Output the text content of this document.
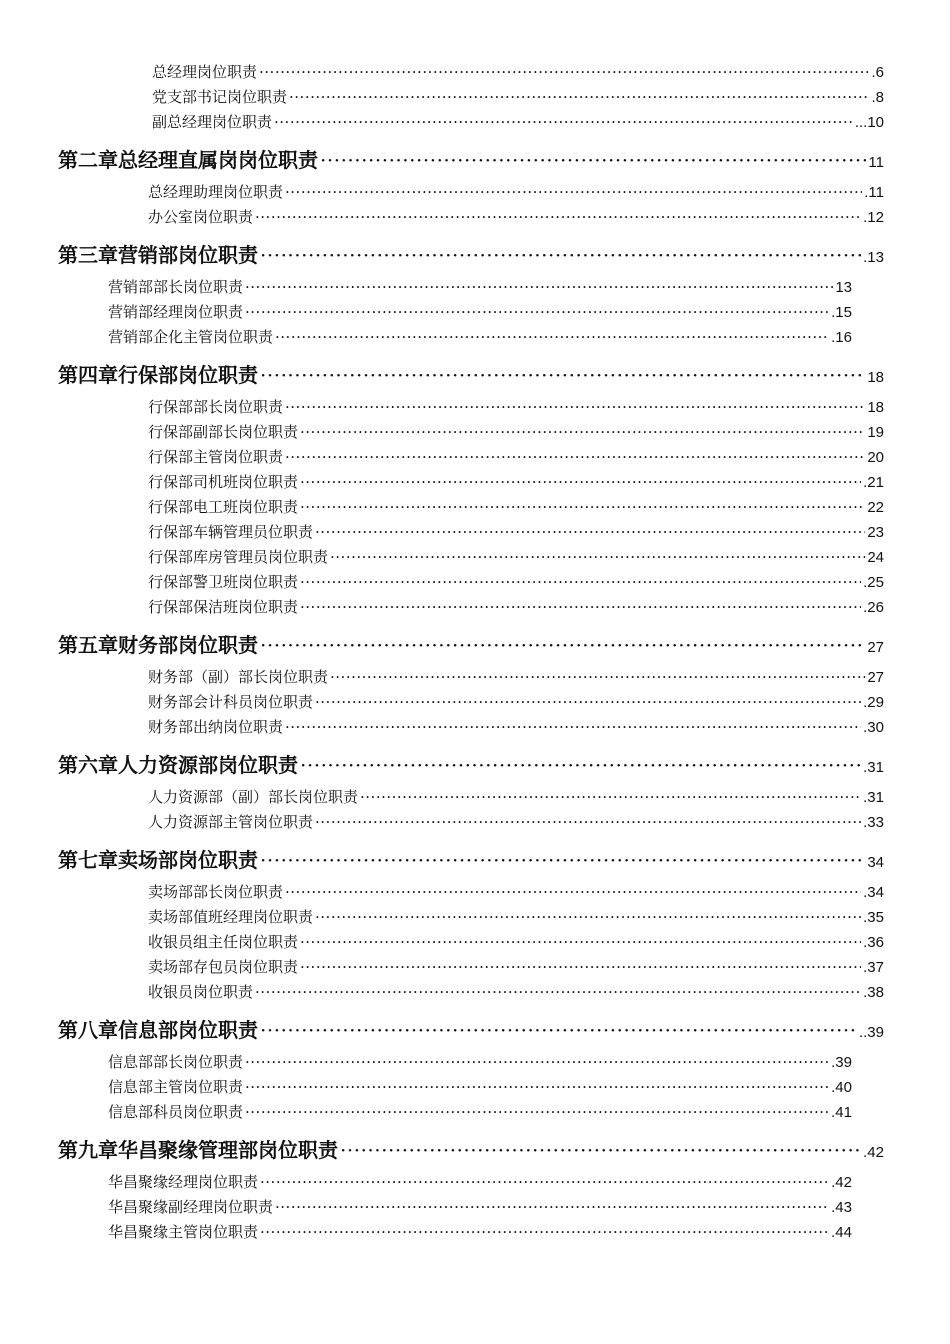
总经理岗位职责 ·····	.6
党支部书记岗位职责 ·····	.8
副总经理岗位职责 ·····	...10
第二章 总经理直属岗岗位职责 ·····	11
总经理助理岗位职责 ·····	.11
办公室岗位职责 ·····	.12
第三章 营销部岗位职责 ·····	.13
营销部部长岗位职责 ·····	13
营销部经理岗位职责 ·····	.15
营销部企化主管岗位职责 ·····	.16
第四章 行保部岗位职责 ·····	18
行保部部长岗位职责 ·····	18
行保部副部长岗位职责 ·····	19
行保部主管岗位职责 ·····	20
行保部司机班岗位职责 ·····	.21
行保部电工班岗位职责 ·····	22
行保部车辆管理员位职责 ·····	23
行保部库房管理员岗位职责 ·····	24
行保部警卫班岗位职责 ·····	.25
行保部保洁班岗位职责 ·····	.26
第五章 财务部岗位职责 ·····	27
财务部（副）部长岗位职责 ·····	27
财务部会计科员岗位职责 ·····	.29
财务部出纳岗位职责 ·····	.30
第六章 人力资源部岗位职责 ·····	.31
人力资源部（副）部长岗位职责 ·····	.31
人力资源部主管岗位职责 ·····	.33
第七章 卖场部岗位职责 ·····	34
卖场部部长岗位职责 ·····	.34
卖场部值班经理岗位职责 ·····	.35
收银员组主任岗位职责 ·····	.36
卖场部存包员岗位职责 ·····	.37
收银员岗位职责 ·····	.38
第八章 信息部岗位职责 ·····	..39
信息部部长岗位职责 ·····	.39
信息部主管岗位职责 ·····	.40
信息部科员岗位职责 ·····	.41
第九章 华昌聚缘管理部岗位职责 ·····	.42
华昌聚缘经理岗位职责 ·····	.42
华昌聚缘副经理岗位职责 ·····	.43
华昌聚缘主管岗位职责 ·····	.44
